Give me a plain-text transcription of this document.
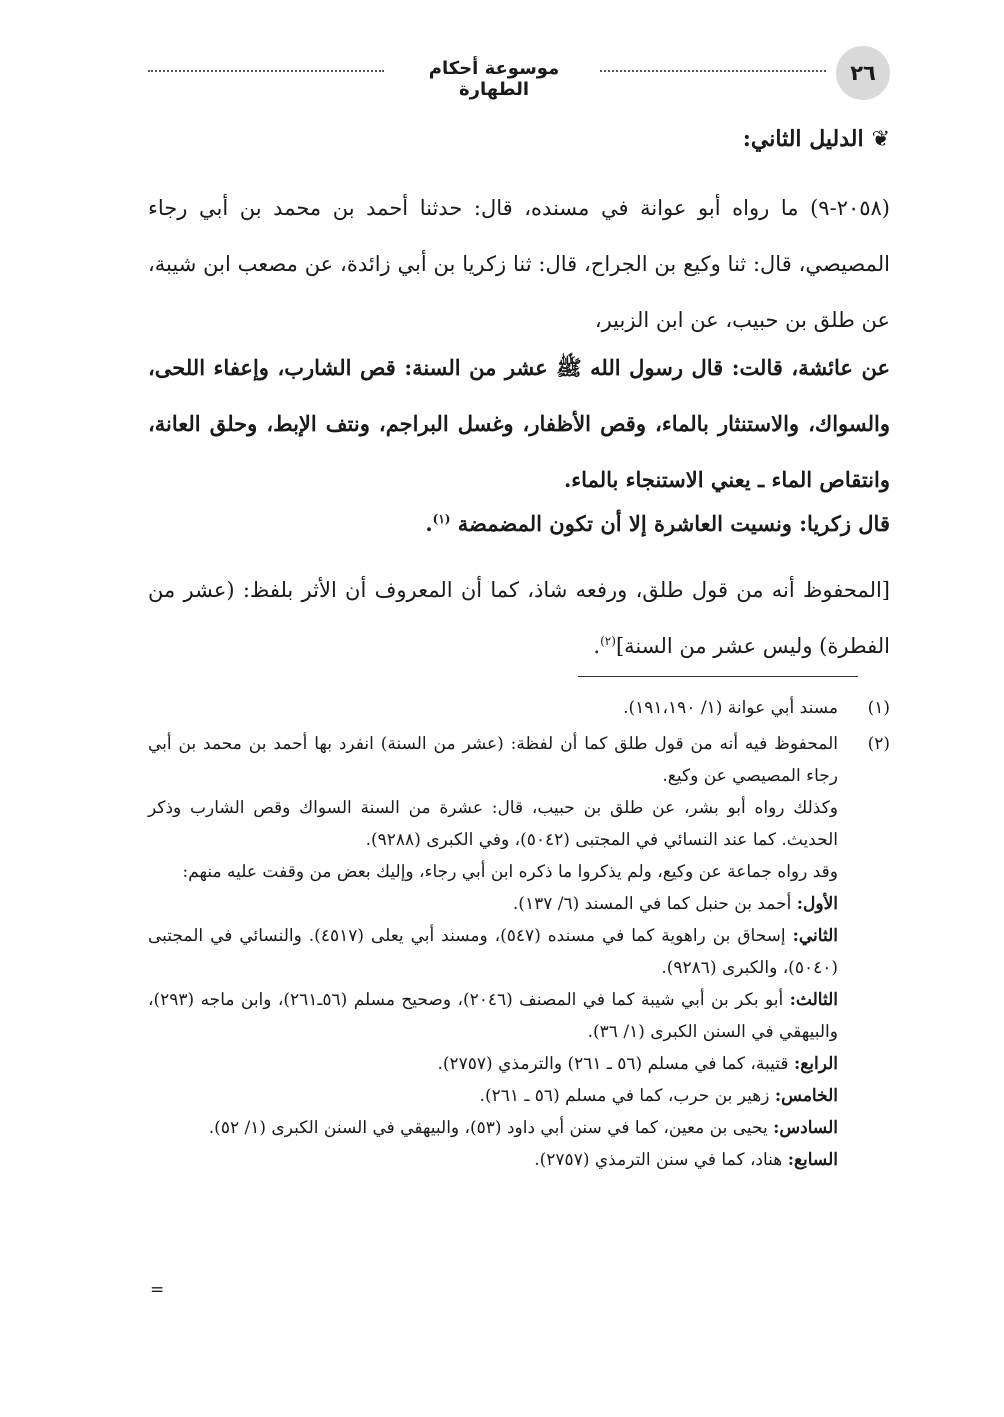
٢٦
موسوعة أحكام الطهارة
❦الدليل الثاني:

(٢٠٥٨-٩) ما رواه أبو عوانة في مسنده، قال: حدثنا أحمد بن محمد بن أبي رجاء المصيصي، قال: ثنا وكيع بن الجراح، قال: ثنا زكريا بن أبي زائدة، عن مصعب ابن شيبة، عن طلق بن حبيب، عن ابن الزبير،

عن عائشة، قالت: قال رسول الله ﷺ عشر من السنة: قص الشارب، وإعفاء اللحى، والسواك، والاستنثار بالماء، وقص الأظفار، وغسل البراجم، ونتف الإبط، وحلق العانة، وانتقاص الماء ـ يعني الاستنجاء بالماء.

قال زكريا: ونسيت العاشرة إلا أن تكون المضمضة $^{(١)}$.

[المحفوظ أنه من قول طلق، ورفعه شاذ، كما أن المعروف أن الأثر بلفظ: (عشر من الفطرة) وليس عشر من السنة]$^{(٢)}$.

(١)
مسند أبي عوانة (١/ ١٩١،١٩٠).
(٢)
المحفوظ فيه أنه من قول طلق كما أن لفظة: (عشر من السنة) انفرد بها أحمد بن محمد بن أبي رجاء المصيصي عن وكيع.
وكذلك رواه أبو بشر، عن طلق بن حبيب، قال: عشرة من السنة السواك وقص الشارب وذكر الحديث. كما عند النسائي في المجتبى (٥٠٤٢)، وفي الكبرى (٩٢٨٨).
وقد رواه جماعة عن وكيع، ولم يذكروا ما ذكره ابن أبي رجاء، وإليك بعض من وقفت عليه منهم:
الأول: أحمد بن حنبل كما في المسند (٦/ ١٣٧).
الثاني: إسحاق بن راهوية كما في مسنده (٥٤٧)، ومسند أبي يعلى (٤٥١٧). والنسائي في المجتبى (٥٠٤٠)، والكبرى (٩٢٨٦).
الثالث: أبو بكر بن أبي شيبة كما في المصنف (٢٠٤٦)، وصحيح مسلم (٥٦ـ٢٦١)، وابن ماجه (٢٩٣)، والبيهقي في السنن الكبرى (١/ ٣٦).
الرابع: قتيبة، كما في مسلم (٥٦ ـ ٢٦١) والترمذي (٢٧٥٧).
الخامس: زهير بن حرب، كما في مسلم (٥٦ ـ ٢٦١).
السادس: يحيى بن معين، كما في سنن أبي داود (٥٣)، والبيهقي في السنن الكبرى (١/ ٥٢).
السابع: هناد، كما في سنن الترمذي (٢٧٥٧).
=
